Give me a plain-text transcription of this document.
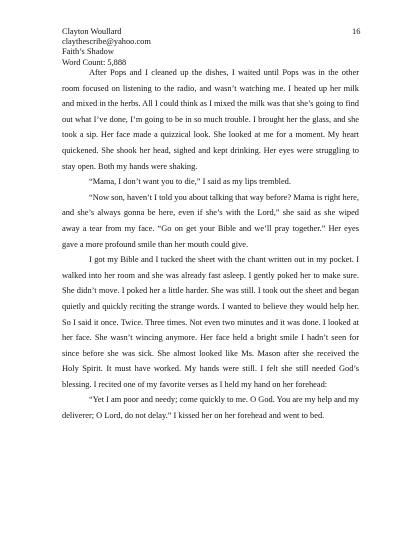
Clayton Woullard
claythescribe@yahoo.com
Faith’s Shadow
Word Count: 5,888
16

After Pops and I cleaned up the dishes, I waited until Pops was in the other room focused on listening to the radio, and wasn’t watching me. I heated up her milk and mixed in the herbs. All I could think as I mixed the milk was that she’s going to find out what I’ve done, I’m going to be in so much trouble. I brought her the glass, and she took a sip. Her face made a quizzical look. She looked at me for a moment. My heart quickened. She shook her head, sighed and kept drinking. Her eyes were struggling to stay open. Both my hands were shaking.

“Mama, I don’t want you to die,” I said as my lips trembled.

“Now son, haven’t I told you about talking that way before? Mama is right here, and she’s always gonna be here, even if she’s with the Lord,” she said as she wiped away a tear from my face. “Go on get your Bible and we’ll pray together.” Her eyes gave a more profound smile than her mouth could give.

I got my Bible and I tucked the sheet with the chant written out in my pocket. I walked into her room and she was already fast asleep. I gently poked her to make sure. She didn’t move. I poked her a little harder. She was still. I took out the sheet and began quietly and quickly reciting the strange words. I wanted to believe they would help her. So I said it once. Twice. Three times. Not even two minutes and it was done. I looked at her face. She wasn’t wincing anymore. Her face held a bright smile I hadn’t seen for since before she was sick. She almost looked like Ms. Mason after she received the Holy Spirit. It must have worked. My hands were still. I felt she still needed God’s blessing. I recited one of my favorite verses as I held my hand on her forehead:

“Yet I am poor and needy; come quickly to me. O God. You are my help and my deliverer; O Lord, do not delay.” I kissed her on her forehead and went to bed.
